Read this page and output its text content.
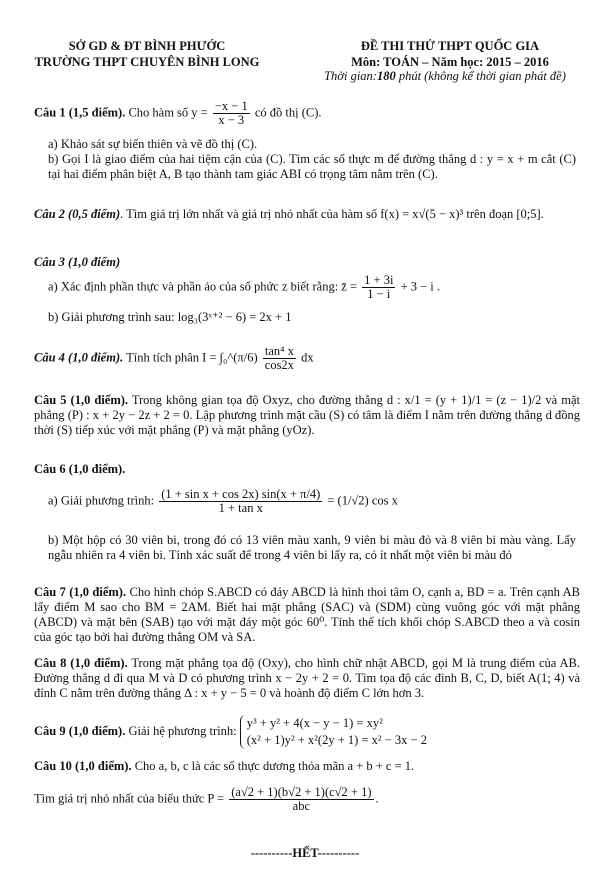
SỞ GD & ĐT BÌNH PHƯỚC
TRƯỜNG THPT CHUYÊN BÌNH LONG
ĐỀ THI THỬ THPT QUỐC GIA
Môn: TOÁN – Năm học: 2015 – 2016
Thời gian:180 phút (không kể thời gian phát đề)
Câu 1 (1,5 điểm). Cho hàm số $y = \frac{-x - 1}{x - 3}$ có đồ thị (C).
a) Khảo sát sự biến thiên và vẽ đồ thị (C).
b) Gọi I là giao điểm của hai tiệm cận của (C). Tìm các số thực m để đường thẳng d : y = x + m cắt (C) tại hai điểm phân biệt A, B tạo thành tam giác ABI có trọng tâm nằm trên (C).
Câu 2 (0,5 điểm). Tìm giá trị lớn nhất và giá trị nhỏ nhất của hàm số f(x) = x√(5 − x)³ trên đoạn [0;5].
Câu 3 (1,0 điểm)
a) Xác định phần thực và phần ảo của số phức z biết rằng: z̄ = $\frac{1 + 3i}{1 - i} + 3 - i$ .
b) Giải phương trình sau: log₃(3ˣ⁺² − 6) = 2x + 1
Câu 4 (1,0 điểm). Tính tích phân I = ∫₀^(π/6) $\frac{\text{tan⁴ x}}{\cos 2x}$ dx
Câu 5 (1,0 điểm). Trong không gian tọa độ Oxyz, cho đường thẳng d : x/1 = (y + 1)/1 = (z − 1)/2 và mặt phẳng (P) : x + 2y − 2z + 2 = 0. Lập phương trình mặt cầu (S) có tâm là điểm I nằm trên đường thẳng d đồng thời (S) tiếp xúc với mặt phẳng (P) và mặt phẳng (yOz).
Câu 6 (1,0 điểm).
a) Giải phương trình: $\frac{\text{(1 + sin x + cos 2x) sin(x + π/4)}}{\text{1 + tan x}} = (1/√2)$ cos x
b) Một hộp có 30 viên bi, trong đó có 13 viên màu xanh, 9 viên bi màu đỏ và 8 viên bi màu vàng. Lấy ngẫu nhiên ra 4 viên bi. Tính xác suất để trong 4 viên bi lấy ra, có ít nhất một viên bi màu đỏ
Câu 7 (1,0 điểm). Cho hình chóp S.ABCD có đáy ABCD là hình thoi tâm O, cạnh a, BD = a. Trên cạnh AB lấy điểm M sao cho BM = 2AM. Biết hai mặt phẳng (SAC) và (SDM) cùng vuông góc với mặt phẳng (ABCD) và mặt bên (SAB) tạo với mặt đáy một góc 60⁰. Tính thể tích khối chóp S.ABCD theo a và cosin của góc tạo bởi hai đường thẳng OM và SA.
Câu 8 (1,0 điểm). Trong mặt phẳng tọa độ (Oxy), cho hình chữ nhật ABCD, gọi M là trung điểm của AB. Đường thẳng d đi qua M và D có phương trình x − 2y + 2 = 0. Tìm tọa độ các đỉnh B, C, D, biết A(1; 4) và đỉnh C nằm trên đường thẳng Δ : x + y − 5 = 0 và hoành độ điểm C lớn hơn 3.
Câu 9 (1,0 điểm). Giải hệ phương trình:
y³ + y² + 4(x − y − 1) = xy²
(x² + 1)y² + x²(2y + 1) = x² − 3x − 2
Câu 10 (1,0 điểm). Cho a, b, c là các số thực dương thỏa mãn a + b + c = 1.
Tìm giá trị nhỏ nhất của biểu thức $P = \frac{(a√2 + 1)(b√2 + 1)(c√2 + 1)}{\text{abc}}$ .
----------HẾT----------
